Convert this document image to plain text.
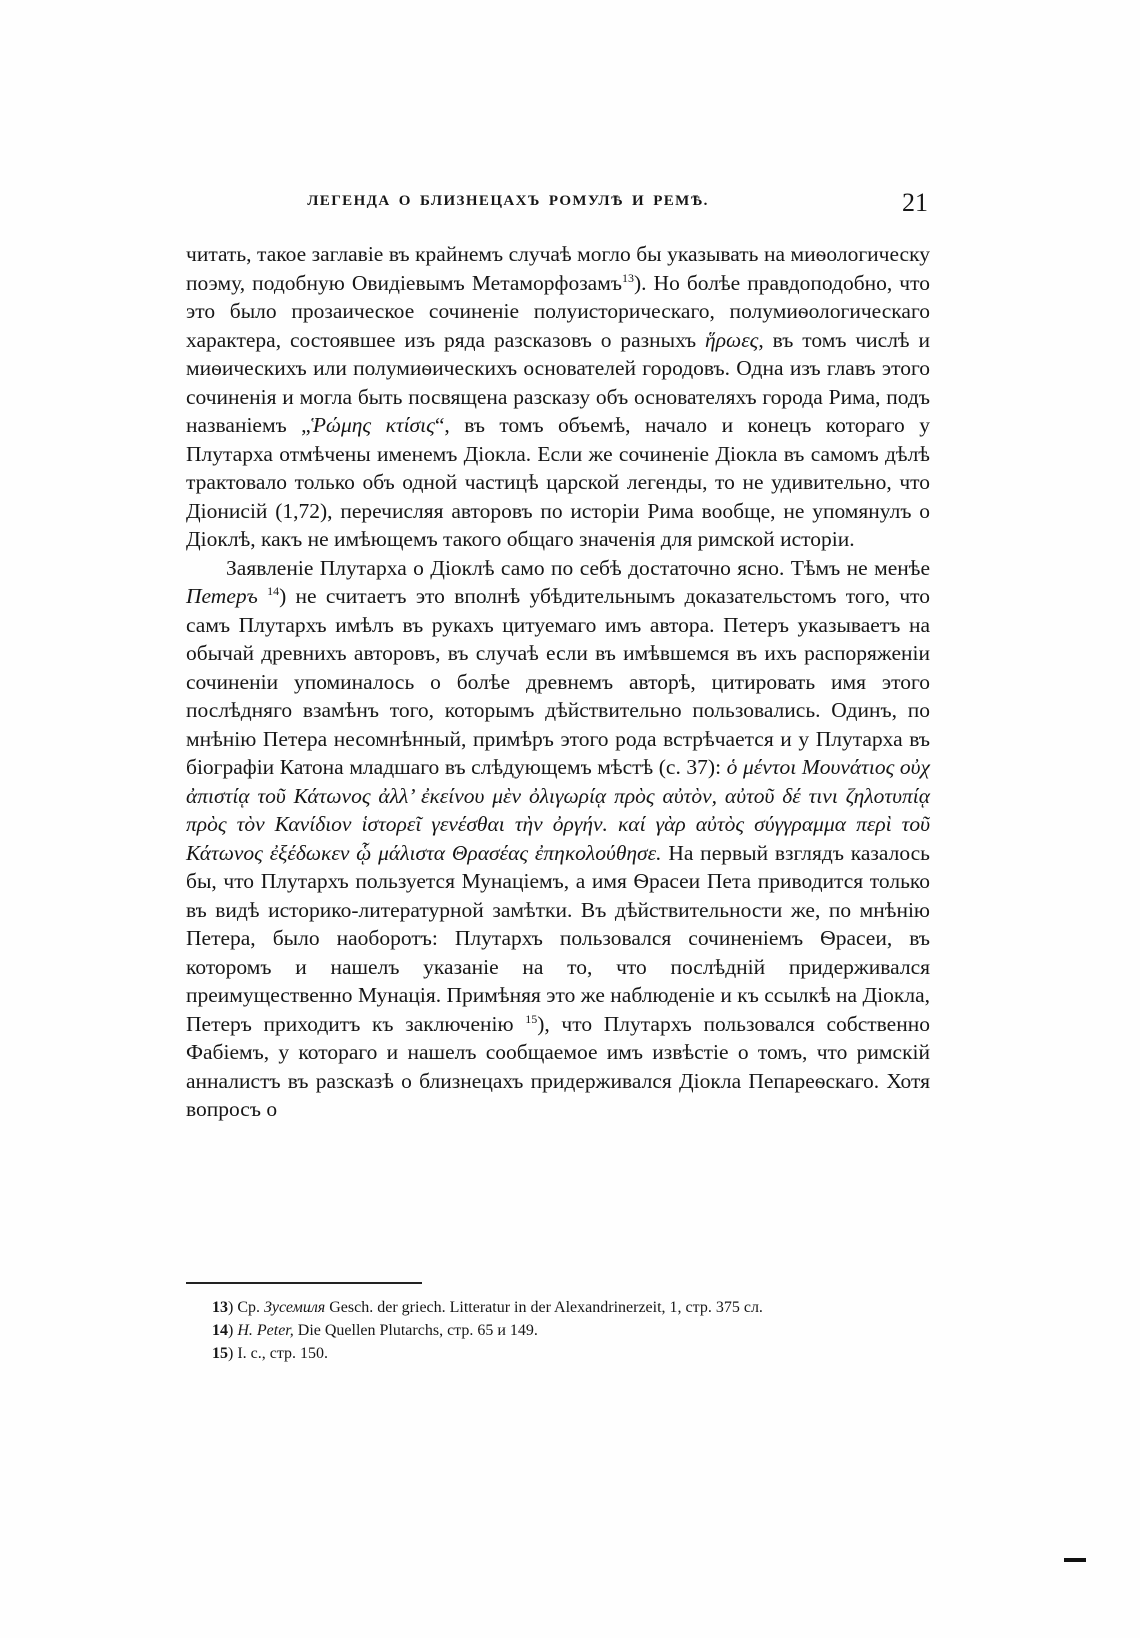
ЛЕГЕНДА О БЛИЗНЕЦАХЪ РОМУЛѢ И РЕМѢ.	21

читать, такое заглавіе въ крайнемъ случаѣ могло бы указывать на миѳологическу поэму, подобную Овидіевымъ Метаморфозамъ$^{13}$). Но болѣе правдоподобно, что это было прозаическое сочиненіе полуисторическаго, полумиѳологическаго характера, состоявшее изъ ряда разсказовъ о разныхъ ἥρωες, въ томъ числѣ и миѳическихъ или полумиѳическихъ основателей городовъ. Одна изъ главъ этого сочиненія и могла быть посвящена разсказу объ основателяхъ города Рима, подъ названіемъ „Ῥώμης κτίσις“, въ томъ объемѣ, начало и конецъ котораго у Плутарха отмѣчены именемъ Діокла. Если же сочиненіе Діокла въ самомъ дѣлѣ трактовало только объ одной частицѣ царской легенды, то не удивительно, что Діонисій (1,72), перечисляя авторовъ по исторіи Рима вообще, не упомянулъ о Діоклѣ, какъ не имѣющемъ такого общаго значенія для римской исторіи.

Заявленіе Плутарха о Діоклѣ само по себѣ достаточно ясно. Тѣмъ не менѣе Петеръ $^{14}$) не считаетъ это вполнѣ убѣдительнымъ доказательстомъ того, что самъ Плутархъ имѣлъ въ рукахъ цитуемаго имъ автора. Петеръ указываетъ на обычай древнихъ авторовъ, въ случаѣ если въ имѣвшемся въ ихъ распоряженіи сочиненіи упоминалось о болѣе древнемъ авторѣ, цитировать имя этого послѣдняго взамѣнъ того, которымъ дѣйствительно пользовались. Одинъ, по мнѣнію Петера несомнѣнный, примѣръ этого рода встрѣчается и у Плутарха въ біографіи Катона младшаго въ слѣдующемъ мѣстѣ (с. 37): ὁ μέντοι Μουνάτιος οὐχ ἀπιστίᾳ τοῦ Κάτωνος ἀλλ’ ἐκείνου μὲν ὀλιγωρίᾳ πρὸς αὐτὸν, αὐτοῦ δέ τινι ζηλοτυπίᾳ πρὸς τὸν Κανίδιον ἱστορεῖ γενέσθαι τὴν ὀργήν. καί γὰρ αὐτὸς σύγγραμμα περὶ τοῦ Κάτωνος ἐξέδωκεν ᾧ μάλιστα Θρασέας ἐπηκολούθησε. На первый взглядъ казалось бы, что Плутархъ пользуется Мунаціемъ, а имя Ѳрасеи Пета приводится только въ видѣ историко-литературной замѣтки. Въ дѣйствительности же, по мнѣнію Петера, было наоборотъ: Плутархъ пользовался сочиненіемъ Ѳрасеи, въ которомъ и нашелъ указаніе на то, что послѣдній придерживался преимущественно Мунація. Примѣняя это же наблюденіе и къ ссылкѣ на Діокла, Петеръ приходитъ къ заключенію $^{15}$), что Плутархъ пользовался собственно Фабіемъ, у котораго и нашелъ сообщаемое имъ извѣстіе о томъ, что римскій анналистъ въ разсказѣ о близнецахъ придерживался Діокла Пепареѳскаго. Хотя вопросъ о

13) Ср. Зусемиля Gesch. der griech. Litteratur in der Alexandrinerzeit, 1, стр. 375 сл.

14) H. Peter, Die Quellen Plutarchs, стр. 65 и 149.

15) I. с., стр. 150.
